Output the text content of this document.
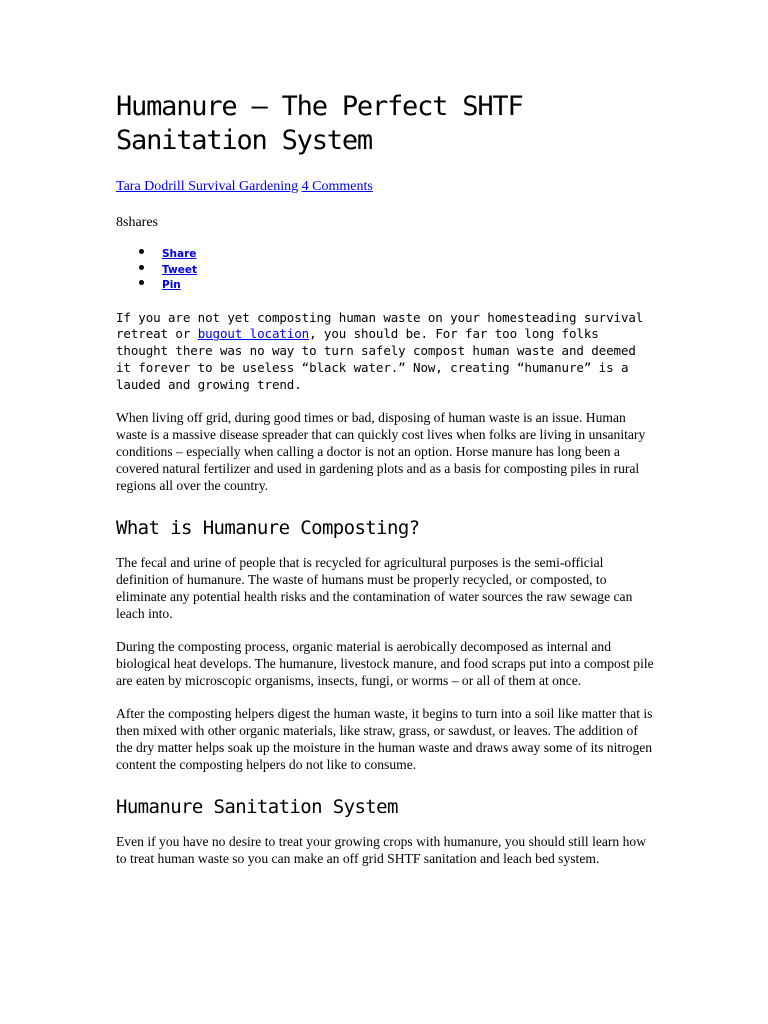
Humanure – The Perfect SHTF Sanitation System
Tara Dodrill Survival Gardening 4 Comments
8shares
Share
Tweet
Pin

If you are not yet composting human waste on your homesteading survival retreat or bugout location, you should be. For far too long folks thought there was no way to turn safely compost human waste and deemed it forever to be useless “black water.” Now, creating “humanure” is a lauded and growing trend.

When living off grid, during good times or bad, disposing of human waste is an issue. Human waste is a massive disease spreader that can quickly cost lives when folks are living in unsanitary conditions – especially when calling a doctor is not an option. Horse manure has long been a covered natural fertilizer and used in gardening plots and as a basis for composting piles in rural regions all over the country.

What is Humanure Composting?

The fecal and urine of people that is recycled for agricultural purposes is the semi-official definition of humanure. The waste of humans must be properly recycled, or composted, to eliminate any potential health risks and the contamination of water sources the raw sewage can leach into.

During the composting process, organic material is aerobically decomposed as internal and biological heat develops. The humanure, livestock manure, and food scraps put into a compost pile are eaten by microscopic organisms, insects, fungi, or worms – or all of them at once.

After the composting helpers digest the human waste, it begins to turn into a soil like matter that is then mixed with other organic materials, like straw, grass, or sawdust, or leaves. The addition of the dry matter helps soak up the moisture in the human waste and draws away some of its nitrogen content the composting helpers do not like to consume.

Humanure Sanitation System

Even if you have no desire to treat your growing crops with humanure, you should still learn how to treat human waste so you can make an off grid SHTF sanitation and leach bed system.
